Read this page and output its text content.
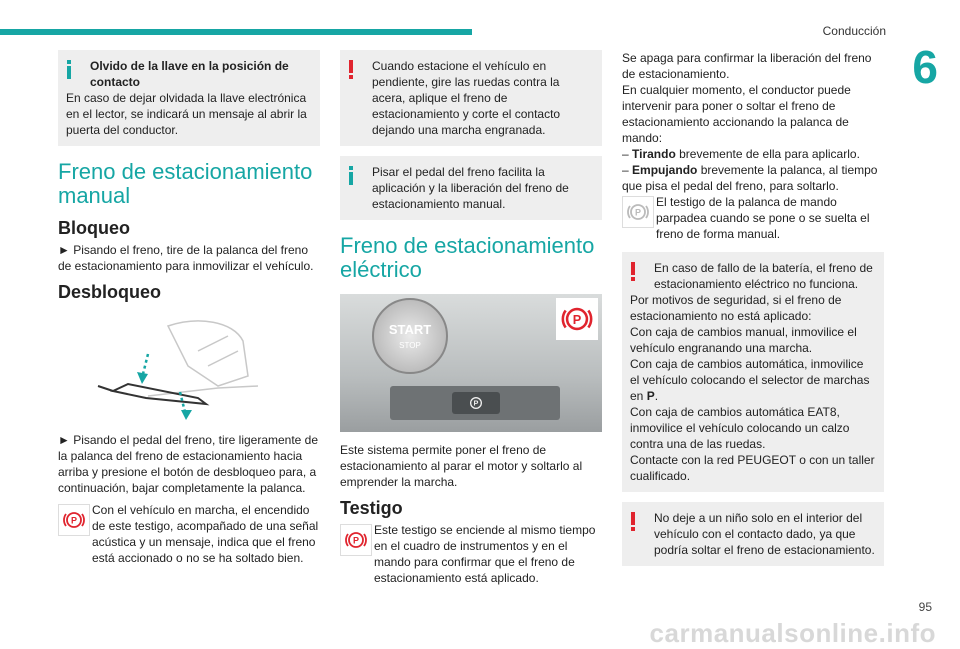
Conducción
6

Olvido de la llave en la posición de contacto

En caso de dejar olvidada la llave electrónica en el lector, se indicará un mensaje al abrir la puerta del conductor.

Freno de estacionamiento manual
Bloqueo

► Pisando el freno, tire de la palanca del freno de estacionamiento para inmovilizar el vehículo.

Desbloqueo

► Pisando el pedal del freno, tire ligeramente de la palanca del freno de estacionamiento hacia arriba y presione el botón de desbloqueo para, a continuación, bajar completamente la palanca.

P

Con el vehículo en marcha, el encendido de este testigo, acompañado de una señal acústica y un mensaje, indica que el freno está accionado o no se ha soltado bien.

Cuando estacione el vehículo en pendiente, gire las ruedas contra la acera, aplique el freno de estacionamiento y corte el contacto dejando una marcha engranada.

Pisar el pedal del freno facilita la aplicación y la liberación del freno de estacionamiento manual.

Freno de estacionamiento eléctrico
START
STOP
P
P

Este sistema permite poner el freno de estacionamiento al parar el motor y soltarlo al emprender la marcha.

Testigo
P

Este testigo se enciende al mismo tiempo en el cuadro de instrumentos y en el mando para confirmar que el freno de estacionamiento está aplicado.

Se apaga para confirmar la liberación del freno de estacionamiento.

En cualquier momento, el conductor puede intervenir para poner o soltar el freno de estacionamiento accionando la palanca de mando:

– Tirando brevemente de ella para aplicarlo.

– Empujando brevemente la palanca, al tiempo que pisa el pedal del freno, para soltarlo.

P

El testigo de la palanca de mando parpadea cuando se pone o se suelta el freno de forma manual.

En caso de fallo de la batería, el freno de estacionamiento eléctrico no funciona.

Por motivos de seguridad, si el freno de estacionamiento no está aplicado:

Con caja de cambios manual, inmovilice el vehículo engranando una marcha.

Con caja de cambios automática, inmovilice el vehículo colocando el selector de marchas en P.

Con caja de cambios automática EAT8, inmovilice el vehículo colocando un calzo contra una de las ruedas.

Contacte con la red PEUGEOT o con un taller cualificado.

No deje a un niño solo en el interior del vehículo con el contacto dado, ya que podría soltar el freno de estacionamiento.

carmanualsonline.info
95
